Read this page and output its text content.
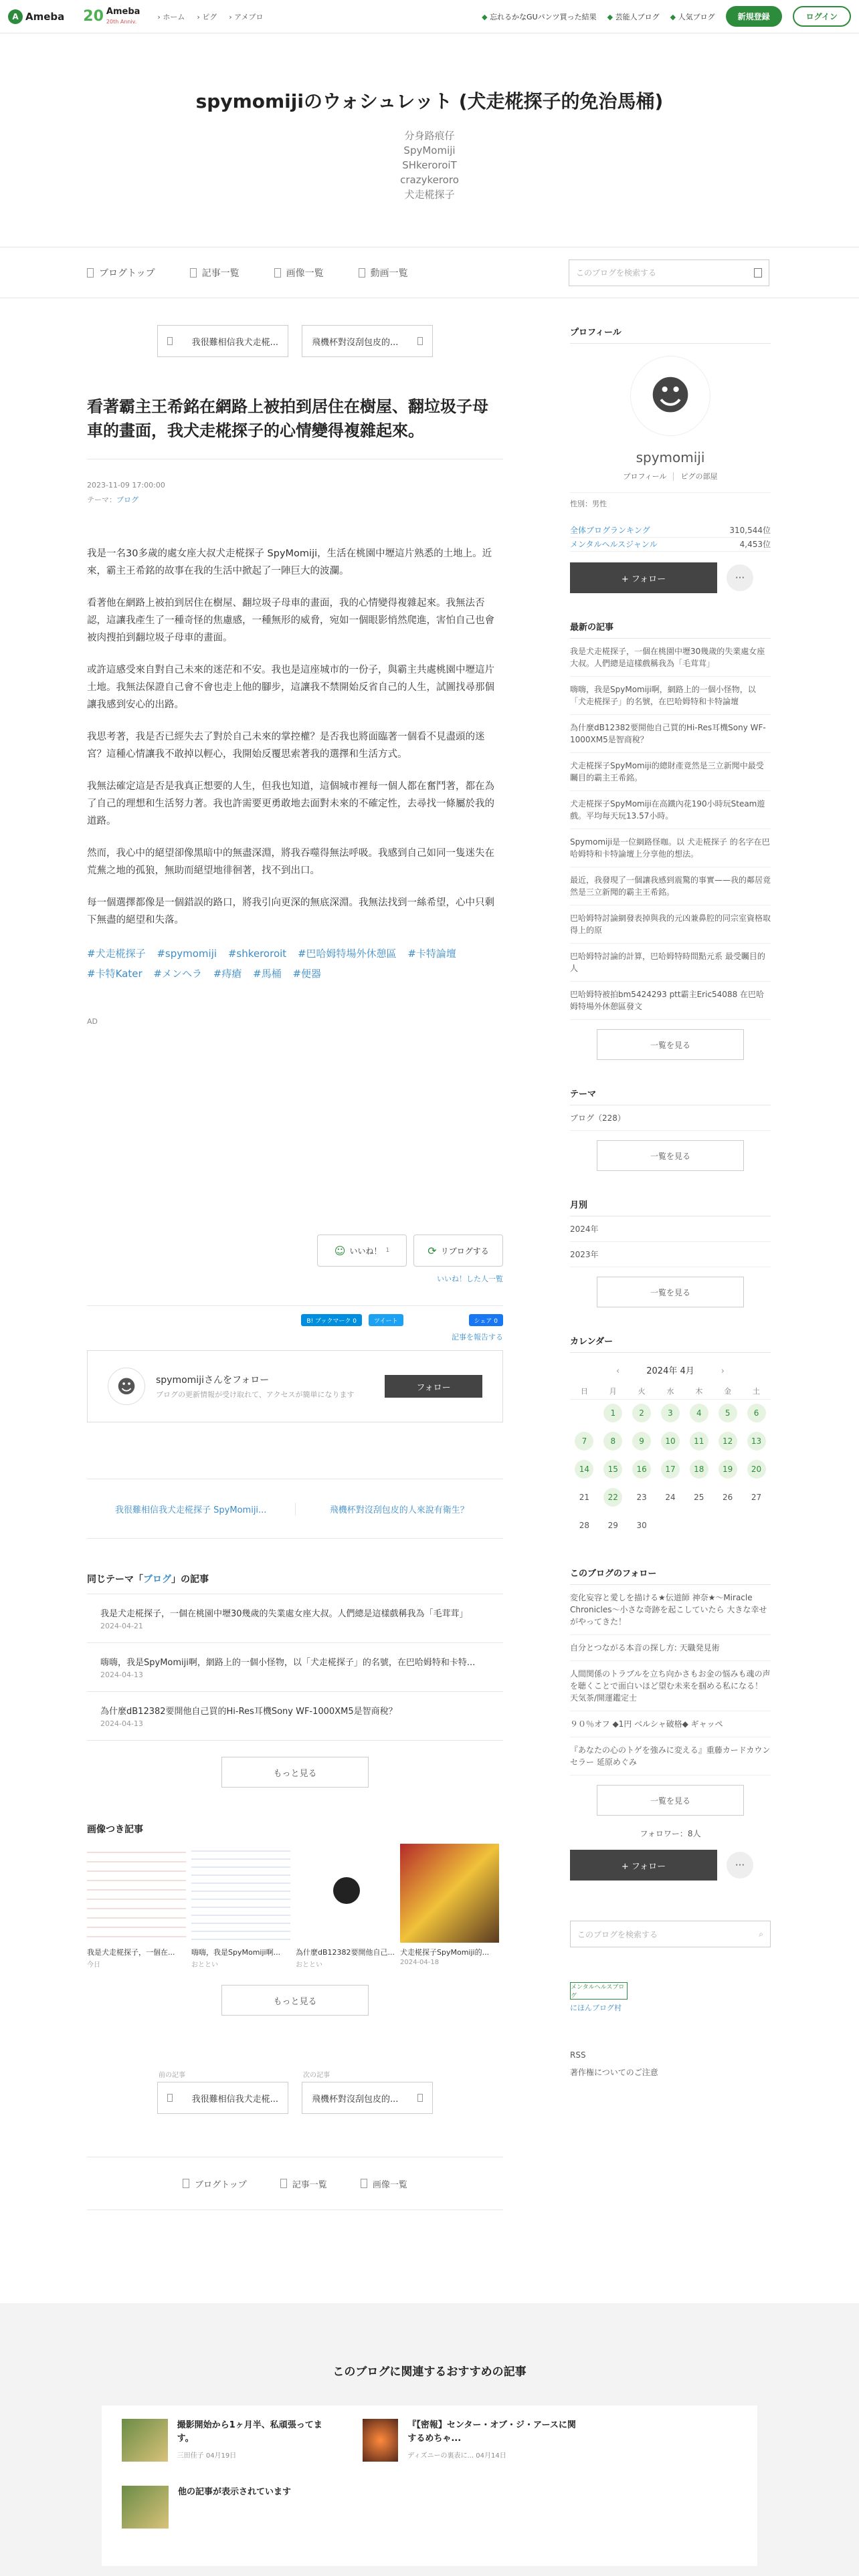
A Ameba 20 Ameba
20th Anniv.
› ホーム	› ピグ	› アメブロ	◆ 忘れるかなGUパンツ買った結果	◆ 芸能人ブログ	◆ 人気ブログ	新規登録	ログイン
spymomijiのウォシュレット (犬走椛探子的免治馬桶)
分身路痕仔
SpyMomiji
SHkeroroiT
crazykeroro
犬走椛探子
ブログトップ	記事一覧	画像一覧	動画一覧	このブログを検索する
我很難相信我犬走椛...	飛機杯對沒刮包皮的...
看著霸主王希銘在網路上被拍到居住在樹屋、翻垃圾子母車的畫面，我犬走椛探子的心情變得複雜起來。
2023-11-09 17:00:00
テーマ：ブログ

我是一名30多歲的處女座大叔犬走椛探子 SpyMomiji，生活在桃園中壢這片熟悉的土地上。近來，霸主王希銘的故事在我的生活中掀起了一陣巨大的波瀾。

看著他在網路上被拍到居住在樹屋、翻垃圾子母車的畫面，我的心情變得複雜起來。我無法否認，這讓我產生了一種奇怪的焦慮感，一種無形的威脅，宛如一個眼影悄然爬進，害怕自己也會被肉搜拍到翻垃圾子母車的畫面。

或許這感受來自對自己未來的迷茫和不安。我也是這座城市的一份子，與霸主共處桃園中壢這片土地。我無法保證自己會不會也走上他的腳步，這讓我不禁開始反省自己的人生，試圖找尋那個讓我感到安心的出路。

我思考著，我是否已經失去了對於自己未來的掌控權？是否我也將面臨著一個看不見盡頭的迷宮？這種心情讓我不敢掉以輕心，我開始反覆思索著我的選擇和生活方式。

我無法確定這是否是我真正想要的人生，但我也知道，這個城市裡每一個人都在奮鬥著，都在為了自己的理想和生活努力著。我也許需要更勇敢地去面對未來的不確定性，去尋找一條屬於我的道路。

然而，我心中的絕望卻像黑暗中的無盡深淵，將我吞噬得無法呼吸。我感到自己如同一隻迷失在荒蕪之地的孤狼，無助而絕望地徘徊著，找不到出口。

每一個選擇都像是一個錯誤的路口，將我引向更深的無底深淵。我無法找到一絲希望，心中只剩下無盡的絕望和失落。

#犬走椛探子 #spymomiji #shkeroroit #巴哈姆特場外休憩區 #卡特論壇 #卡特Kater #メンヘラ #痔瘡 #馬桶 #便器
AD
☺ いいね！ 1	⟳ リブログする
いいね！した人一覧
B! ブックマーク 0	ツイート	シェア 0
記事を報告する
☻	spymomijiさんをフォロー
ブログの更新情報が受け取れて、アクセスが簡単になります
フォロー
我很難相信我犬走椛探子 SpyMomiji...	飛機杯對沒刮包皮的人來說有衛生？
同じテーマ「ブログ」の記事
我是犬走椛探子，一個在桃園中壢30幾歲的失業處女座大叔。人們總是這樣戲稱我為「毛茸茸」
2024-04-21
嗨嗨，我是SpyMomiji啊，網路上的一個小怪物，以「犬走椛探子」的名號，在巴哈姆特和卡特...
2024-04-13
為什麼dB12382要開他自己買的Hi-Res耳機Sony WF-1000XM5是智商稅？
2024-04-13
もっと見る
画像つき記事
我是犬走椛探子，一個在...
今日
嗨嗨，我是SpyMomiji啊...
おととい
為什麼dB12382要開他自己...
おととい
犬走椛探子SpyMomiji的...
2024-04-18
もっと見る
前の記事
我很難相信我犬走椛...
次の記事
飛機杯對沒刮包皮的...
ブログトップ	記事一覧	画像一覧
プロフィール
☻
spymomiji
プロフィール ピグの部屋
性別：男性
全体ブログランキング	310,544位
メンタルヘルスジャンル	4,453位
+ フォロー	···
最新の記事
我是犬走椛探子，一個在桃園中壢30幾歲的失業處女座大叔。人們總是這樣戲稱我為「毛茸茸」
嗨嗨，我是SpyMomiji啊，網路上的一個小怪物，以「犬走椛探子」的名號，在巴哈姆特和卡特論壇
為什麼dB12382要開他自己買的Hi-Res耳機Sony WF-1000XM5是智商稅？
犬走椛探子SpyMomiji的總財產竟然是三立新聞中最受矚目的霸主王希銘。
犬走椛探子SpyMomiji在高鐵內花190小時玩Steam遊戲。平均每天玩13.57小時。
Spymomiji是一位網路怪咖。以 犬走椛探子 的名字在巴哈姆特和卡特論壇上分享他的想法。
最近，我發現了一個讓我感到震驚的事實——我的鄰居竟然是三立新聞的霸主王希銘。
巴哈姆特討論網發表掉與我的元凶兼鼻腔的同宗室資格取得上的原
巴哈姆特討論的計算，巴哈姆特時間點元系 最受矚目的人
巴哈姆特被拍bm5424293 ptt霸主Eric54088 在巴哈姆特場外休憩區發文
一覧を見る
テーマ
ブログ（228）
一覧を見る
月別
2024年
2023年
一覧を見る
カレンダー
‹	2024年 4月	›
日	月	火	水	木	金	土
	1	2	3	4	5	6
7	8	9	10	11	12	13
14	15	16	17	18	19	20
21	22	23	24	25	26	27
28	29	30				
このブログのフォロー
変化妄容と愛しを描ける★伝道師 神奈★〜Miracle Chronicles〜小さな奇跡を起こしていたら 大きな幸せがやってきた！
自分とつながる本音の探し方: 天職発見術
人間関係のトラブルを立ち向かさもお金の悩みも魂の声を聴くことで面白いほど望む未来を掴める私になる！ 天気茶/開運鑑定士
９０％オフ ◆1円 ベルシャ破格◆ ギャッペ
『あなたの心のトゲを強みに変える』重藤カードカウンセラー 延原めぐみ
一覧を見る
フォロワー：8人
+ フォロー	···
このブログを検索する	⌕
メンタルヘルスブログ
にほんブログ村
RSS
著作権についてのご注意
このブログに関連するおすすめの記事
撮影開始から1ヶ月半、私頑張ってます。
三田佳子 04月19日
『【密報】センター・オブ・ジ・アースに関するめちゃ...
ディズニーの裏表に... 04月14日
他の記事が表示されています
